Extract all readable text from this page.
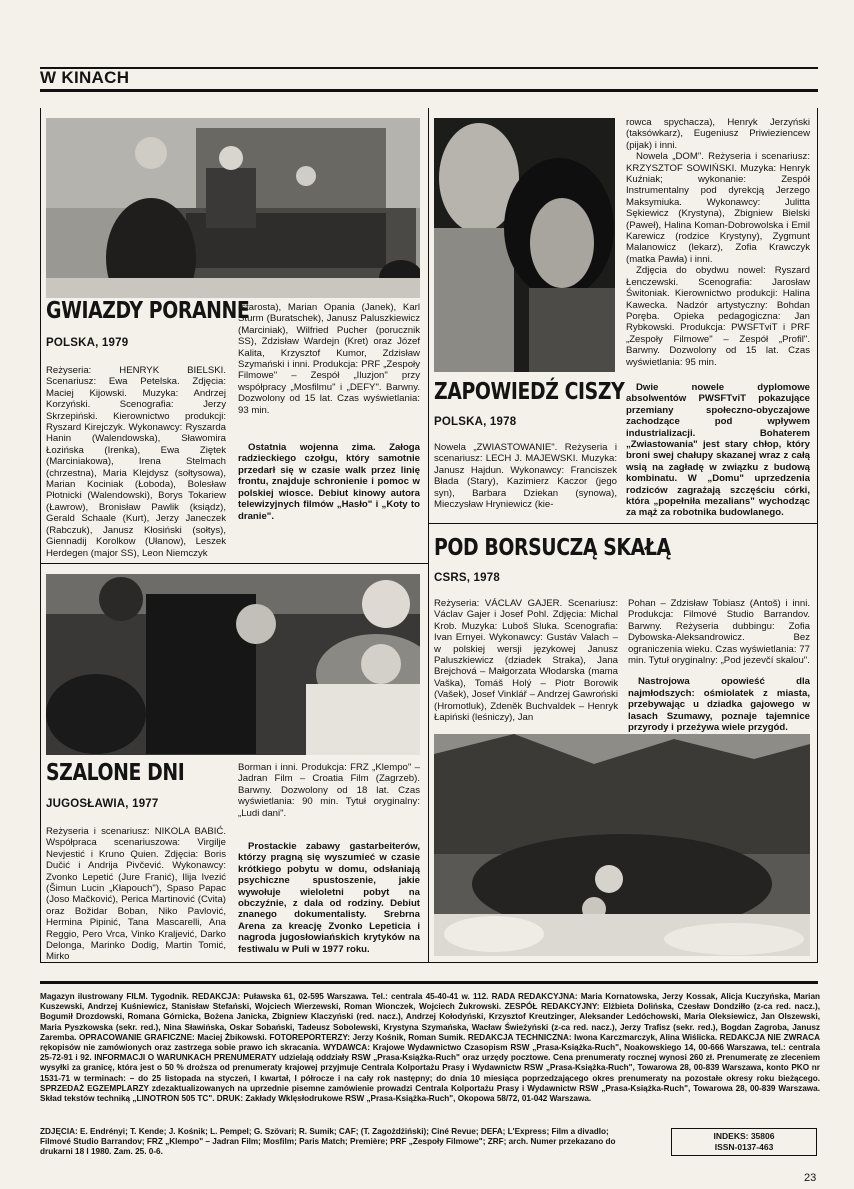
W KINACH
GWIAZDY PORANNE
POLSKA, 1979

Reżyseria: HENRYK BIELSKI. Scenariusz: Ewa Petelska. Zdjęcia: Maciej Kijowski. Muzyka: Andrzej Korzyński. Scenografia: Jerzy Skrzepiński. Kierownictwo produkcji: Ryszard Kirejczyk. Wykonawcy: Ryszarda Hanin (Walendowska), Sławomira Łozińska (Irenka), Ewa Ziętek (Marciniakowa), Irena Stelmach (chrzestna), Maria Klejdysz (sołtysowa), Marian Kociniak (Łoboda), Bolesław Płotnicki (Walendowski), Borys Tokariew (Ławrow), Bronisław Pawlik (ksiądz), Gerald Schaale (Kurt), Jerzy Janeczek (Rabczuk), Janusz Kłosiński (sołtys), Giennadij Korolkow (Ułanow), Leszek Herdegen (major SS), Leon Niemczyk

(starosta), Marian Opania (Janek), Karl Sturm (Buratschek), Janusz Paluszkiewicz (Marciniak), Wilfried Pucher (porucznik SS), Zdzisław Wardejn (Kret) oraz Józef Kalita, Krzysztof Kumor, Zdzisław Szymański i inni. Produkcja: PRF „Zespoły Filmowe" – Zespół „Iluzjon" przy współpracy „Mosfilmu" i „DEFY". Barwny. Dozwolony od 15 lat. Czas wyświetlania: 93 min.

Ostatnia wojenna zima. Załoga radzieckiego czołgu, który samotnie przedarł się w czasie walk przez linię frontu, znajduje schronienie i pomoc w polskiej wiosce. Debiut kinowy autora telewizyjnych filmów „Hasło" i „Koty to dranie".

rowca spychacza), Henryk Jerzyński (taksówkarz), Eugeniusz Priwieziencew (pijak) i inni.

Nowela „DOM". Reżyseria i scenariusz: KRZYSZTOF SOWIŃSKI. Muzyka: Henryk Kuźniak; wykonanie: Zespół Instrumentalny pod dyrekcją Jerzego Maksymiuka. Wykonawcy: Julitta Sękiewicz (Krystyna), Zbigniew Bielski (Paweł), Halina Koman-Dobrowolska i Emil Karewicz (rodzice Krystyny), Zygmunt Malanowicz (lekarz), Zofia Krawczyk (matka Pawła) i inni.

Zdjęcia do obydwu nowel: Ryszard Łenczewski. Scenografia: Jarosław Świtoniak. Kierownictwo produkcji: Halina Kawecka. Nadzór artystyczny: Bohdan Poręba. Opieka pedagogiczna: Jan Rybkowski. Produkcja: PWSFTviT i PRF „Zespoły Filmowe" – Zespół „Profil". Barwny. Dozwolony od 15 lat. Czas wyświetlania: 95 min.

Dwie nowele dyplomowe absolwentów PWSFTviT pokazujące przemiany społeczno-obyczajowe zachodzące pod wpływem industrializacji. Bohaterem „Zwiastowania" jest stary chłop, który broni swej chałupy skazanej wraz z całą wsią na zagładę w związku z budową kombinatu. W „Domu" uprzedzenia rodziców zagrażają szczęściu córki, która „popełniła mezalians" wychodząc za mąż za robotnika budowlanego.

ZAPOWIEDŹ CISZY
POLSKA, 1978

Nowela „ZWIASTOWANIE". Reżyseria i scenariusz: LECH J. MAJEWSKI. Muzyka: Janusz Hajdun. Wykonawcy: Franciszek Błada (Stary), Kazimierz Kaczor (jego syn), Barbara Dziekan (synowa), Mieczysław Hryniewicz (kie-

SZALONE DNI
JUGOSŁAWIA, 1977

Reżyseria i scenariusz: NIKOLA BABIĆ. Współpraca scenariuszowa: Virgilje Nevjestić i Kruno Quien. Zdjęcia: Boris Dučić i Andrija Pivčević. Wykonawcy: Zvonko Lepetić (Jure Franić), Ilija Ivezić (Šimun Lucin „Kłapouch"), Spaso Papac (Joso Mačković), Perica Martinović (Cvita) oraz Božidar Boban, Niko Pavlović, Hermina Pipinić, Tana Mascarelli, Ana Reggio, Pero Vrca, Vinko Kraljević, Darko Delonga, Marinko Dodig, Martin Tomić, Mirko

Borman i inni. Produkcja: FRZ „Klempo" – Jadran Film – Croatia Film (Zagrzeb). Barwny. Dozwolony od 18 lat. Czas wyświetlania: 90 min. Tytuł oryginalny: „Ludi dani".

Prostackie zabawy gastarbeiterów, którzy pragną się wyszumieć w czasie krótkiego pobytu w domu, odsłaniają psychiczne spustoszenie, jakie wywołuje wieloletni pobyt na obczyźnie, z dala od rodziny. Debiut znanego dokumentalisty. Srebrna Arena za kreację Zvonko Lepeticia i nagroda jugosłowiańskich krytyków na festiwalu w Puli w 1977 roku.

POD BORSUCZĄ SKAŁĄ
CSRS, 1978

Reżyseria: VÁCLAV GAJER. Scenariusz: Václav Gajer i Josef Pohl. Zdjęcia: Michal Krob. Muzyka: Luboš Sluka. Scenografia: Ivan Ernyei. Wykonawcy: Gustáv Valach – w polskiej wersji językowej Janusz Paluszkiewicz (dziadek Straka), Jana Brejchová – Małgorzata Włodarska (mama Vaška), Tomáš Holý – Piotr Borowik (Vašek), Josef Vinklář – Andrzej Gawroński (Hromotluk), Zdeněk Buchvaldek – Henryk Łapiński (leśniczy), Jan

Pohan – Zdzisław Tobiasz (Antoš) i inni. Produkcja: Filmové Studio Barrandov. Barwny. Reżyseria dubbingu: Zofia Dybowska-Aleksandrowicz. Bez ograniczenia wieku. Czas wyświetlania: 77 min. Tytuł oryginalny: „Pod jezevčí skalou".

Nastrojowa opowieść dla najmłodszych: ośmiolatek z miasta, przebywając u dziadka gajowego w lasach Szumawy, poznaje tajemnice przyrody i przeżywa wiele przygód.

Magazyn ilustrowany FILM. Tygodnik. REDAKCJA: Puławska 61, 02-595 Warszawa. Tel.: centrala 45-40-41 w. 112. RADA REDAKCYJNA: Maria Kornatowska, Jerzy Kossak, Alicja Kuczyńska, Marian Kuszewski, Andrzej Kuśniewicz, Stanisław Stefański, Wojciech Wierzewski, Roman Wionczek, Wojciech Żukrowski. ZESPÓŁ REDAKCYJNY: Elżbieta Dolińska, Czesław Dondziłło (z-ca red. nacz.), Bogumił Drozdowski, Romana Górnicka, Bożena Janicka, Zbigniew Klaczyński (red. nacz.), Andrzej Kołodyński, Krzysztof Kreutzinger, Aleksander Ledóchowski, Maria Oleksiewicz, Jan Olszewski, Maria Pyszkowska (sekr. red.), Nina Sławińska, Oskar Sobański, Tadeusz Sobolewski, Krystyna Szymańska, Wacław Świeżyński (z-ca red. nacz.), Jerzy Trafisz (sekr. red.), Bogdan Zagroba, Janusz Zaremba. OPRACOWANIE GRAFICZNE: Maciej Żbikowski. FOTOREPORTERZY: Jerzy Kośnik, Roman Sumik. REDAKCJA TECHNICZNA: Iwona Karczmarczyk, Alina Wiślicka. REDAKCJA NIE ZWRACA rękopisów nie zamówionych oraz zastrzega sobie prawo ich skracania. WYDAWCA: Krajowe Wydawnictwo Czasopism RSW „Prasa-Książka-Ruch", Noakowskiego 14, 00-666 Warszawa, tel.: centrala 25-72-91 i 92. INFORMACJI O WARUNKACH PRENUMERATY udzielają oddziały RSW „Prasa-Książka-Ruch" oraz urzędy pocztowe. Cena prenumeraty rocznej wynosi 260 zł. Prenumeratę ze zleceniem wysyłki za granicę, która jest o 50 % droższa od prenumeraty krajowej przyjmuje Centrala Kolportażu Prasy i Wydawnictw RSW „Prasa-Książka-Ruch", Towarowa 28, 00-839 Warszawa, konto PKO nr 1531-71 w terminach: – do 25 listopada na styczeń, I kwartał, I półrocze i na cały rok następny; do dnia 10 miesiąca poprzedzającego okres prenumeraty na pozostałe okresy roku bieżącego. SPRZEDAŻ EGZEMPLARZY zdezaktualizowanych na uprzednie pisemne zamówienie prowadzi Centrala Kolportażu Prasy i Wydawnictw RSW „Prasa-Książka-Ruch", Towarowa 28, 00-839 Warszawa. Skład tekstów techniką „LINOTRON 505 TC". DRUK: Zakłady Wklęsłodrukowe RSW „Prasa-Książka-Ruch", Okopowa 58/72, 01-042 Warszawa.
ZDJĘCIA: E. Endrényi; T. Kende; J. Kośnik; L. Pempel; G. Szövari; R. Sumik; CAF; (T. Zagożdżiński); Ciné Revue; DEFA; L'Express; Film a divadlo; Filmové Studio Barrandov; FRZ „Klempo" – Jadran Film; Mosfilm; Paris Match; Première; PRF „Zespoły Filmowe"; ZRF; arch. Numer przekazano do drukarni 18 I 1980. Zam. 25. 0-6.
INDEKS: 35806
ISSN-0137-463
23
